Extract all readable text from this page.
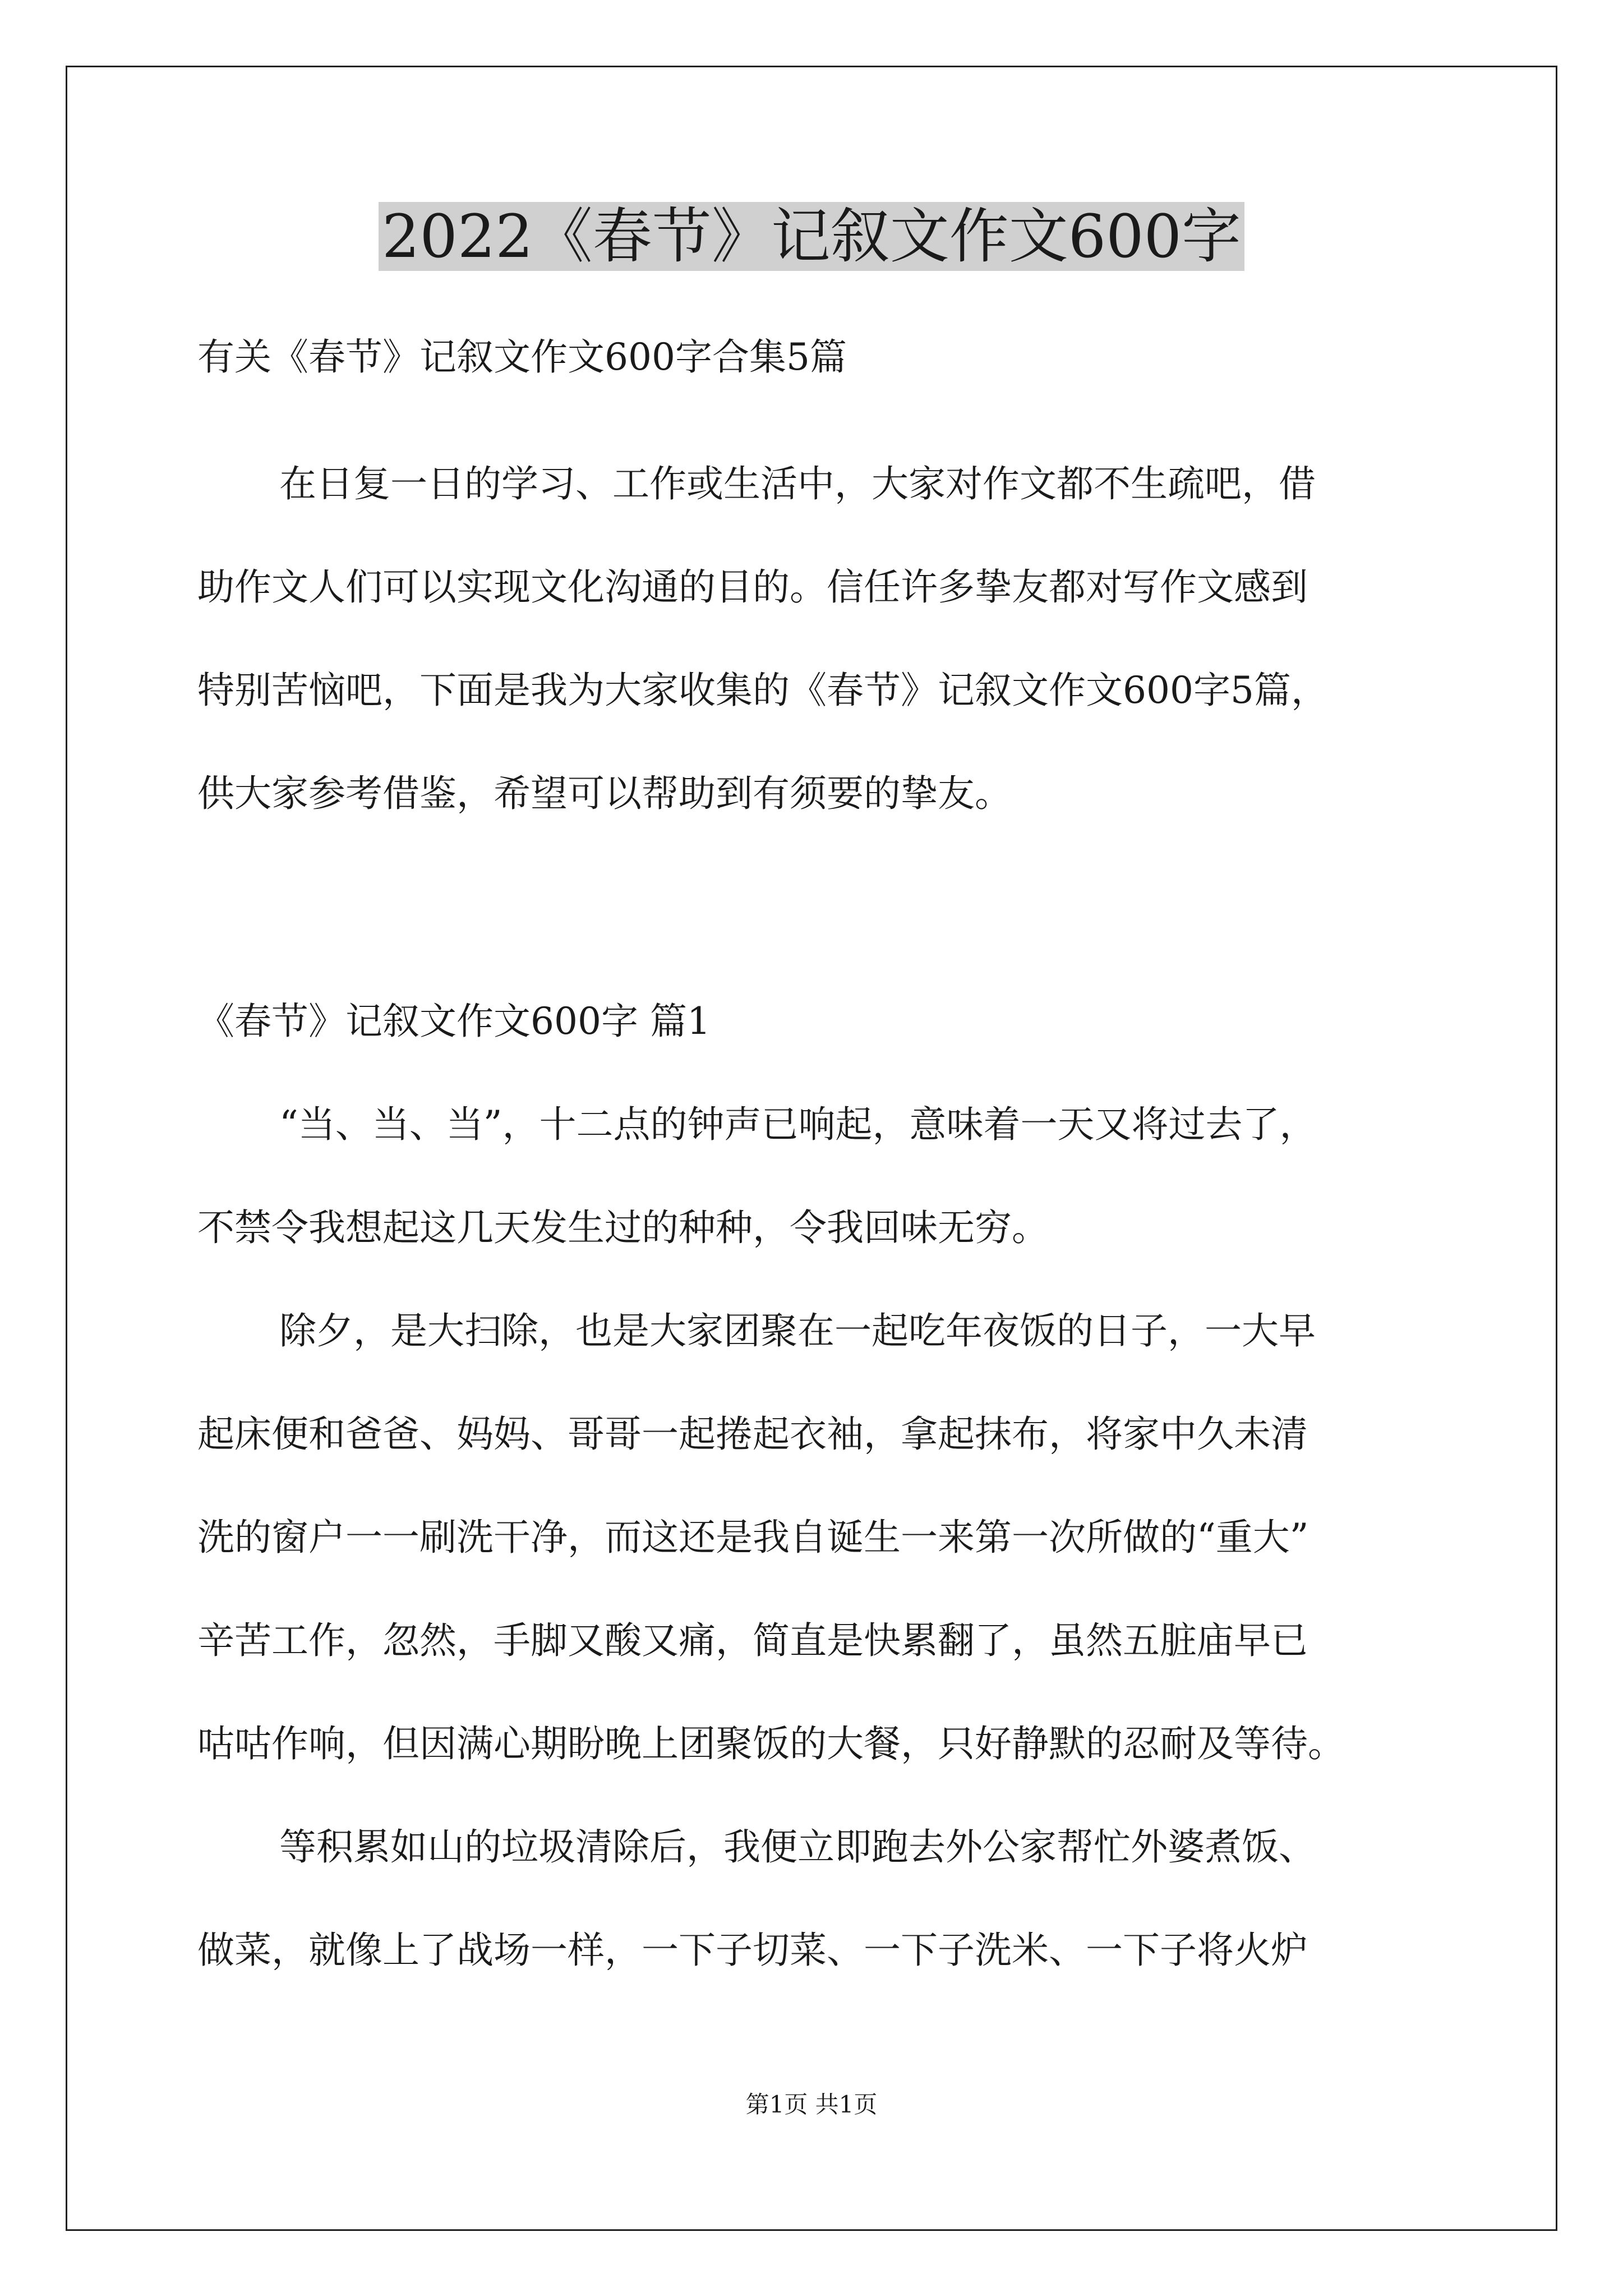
2022《春节》记叙文作文600字
有关《春节》记叙文作文600字合集5篇
在日复一日的学习、工作或生活中，大家对作文都不生疏吧，借
助作文人们可以实现文化沟通的目的。信任许多挚友都对写作文感到
特别苦恼吧，下面是我为大家收集的《春节》记叙文作文600字5篇，
供大家参考借鉴，希望可以帮助到有须要的挚友。
《春节》记叙文作文600字 篇1
“当、当、当”，十二点的钟声已响起，意味着一天又将过去了，
不禁令我想起这几天发生过的种种，令我回味无穷。
除夕，是大扫除，也是大家团聚在一起吃年夜饭的日子，一大早
起床便和爸爸、妈妈、哥哥一起捲起衣袖，拿起抹布，将家中久未清
洗的窗户一一刷洗干净，而这还是我自诞生一来第一次所做的“重大”
辛苦工作，忽然，手脚又酸又痛，简直是快累翻了，虽然五脏庙早已
咕咕作响，但因满心期盼晚上团聚饭的大餐，只好静默的忍耐及等待。
等积累如山的垃圾清除后，我便立即跑去外公家帮忙外婆煮饭、
做菜，就像上了战场一样，一下子切菜、一下子洗米、一下子将火炉
第1页 共1页
